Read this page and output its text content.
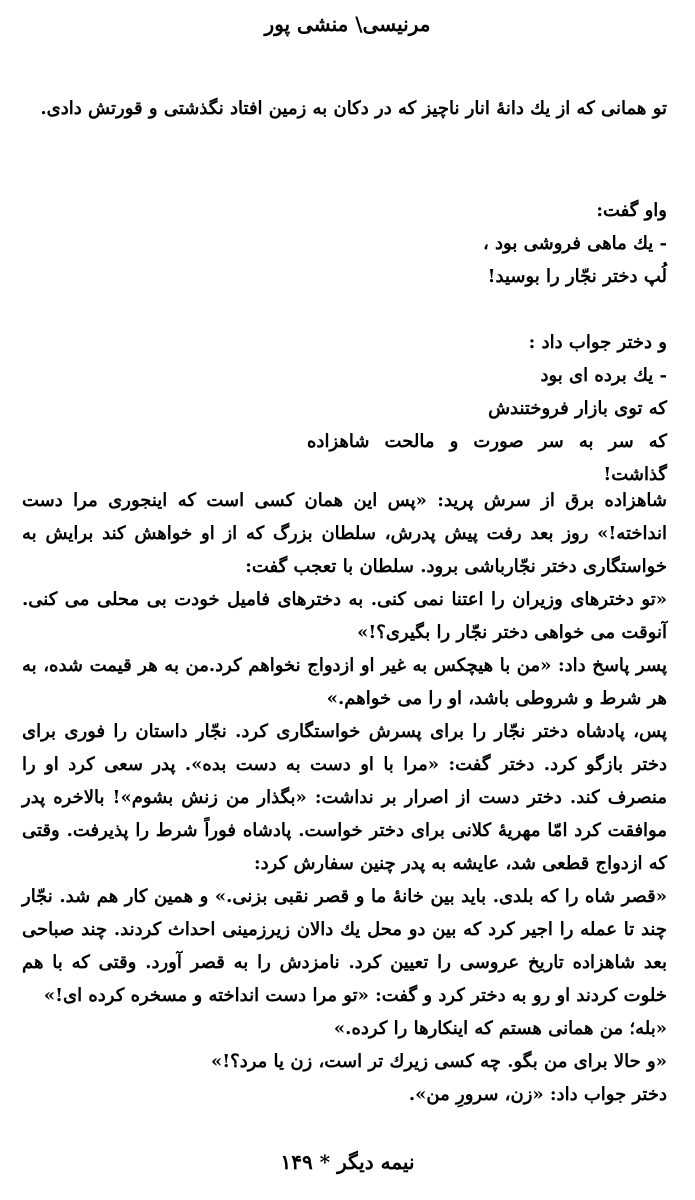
مرنیسی\ منشی پور

تو همانی که از یك دانهٔ انار ناچیز که در دکان به زمین افتاد نگذشتی و قورتش دادی.

واو گفت:

- یك ماهی فروشی بود ،

لُپ دختر نجّار را بوسید!

و دختر جواب داد :

- یك برده ای بود

که توی بازار فروختندش

که سر به سر صورت و مالحت شاهزاده گذاشت!

شاهزاده برق از سرش پرید: «پس این همان کسی است که اینجوری مرا دست انداخته!» روز بعد رفت پیش پدرش، سلطان بزرگ که از او خواهش کند برایش به خواستگاری دختر نجّارباشی برود. سلطان با تعجب گفت:

«تو دخترهای وزیران را اعتنا نمی کنی. به دخترهای فامیل خودت بی محلی می کنی. آنوقت می خواهی دختر نجّار را بگیری؟!»

پسر پاسخ داد: «من با هیچکس به غیر او ازدواج نخواهم کرد.من به هر قیمت شده، به هر شرط و شروطی باشد، او را می خواهم.»

پس، پادشاه دختر نجّار را برای پسرش خواستگاری کرد. نجّار داستان را فوری برای دختر بازگو کرد. دختر گفت: «مرا با او دست به دست بده». پدر سعی کرد او را منصرف کند. دختر دست از اصرار بر نداشت: «بگذار من زنش بشوم»! بالاخره پدر موافقت کرد امّا مهریهٔ کلانی برای دختر خواست. پادشاه فوراً شرط را پذیرفت. وقتی که ازدواج قطعی شد، عایشه به پدر چنین سفارش کرد:

«قصر شاه را که بلدی. باید بین خانهٔ ما و قصر نقبی بزنی.» و همین کار هم شد. نجّار چند تا عمله را اجیر کرد که بین دو محل یك دالان زیرزمینی احداث کردند. چند صباحی بعد شاهزاده تاریخ عروسی را تعیین کرد. نامزدش را به قصر آورد. وقتی که با هم خلوت کردند او رو به دختر کرد و گفت: «تو مرا دست انداخته و مسخره کرده ای!»

«بله؛ من همانی هستم که اینکارها را کرده.»

«و حالا برای من بگو. چه کسی زیرك تر است، زن یا مرد؟!»

دختر جواب داد: «زن، سرورِ من».‌

نیمه دیگر * ۱۴۹
